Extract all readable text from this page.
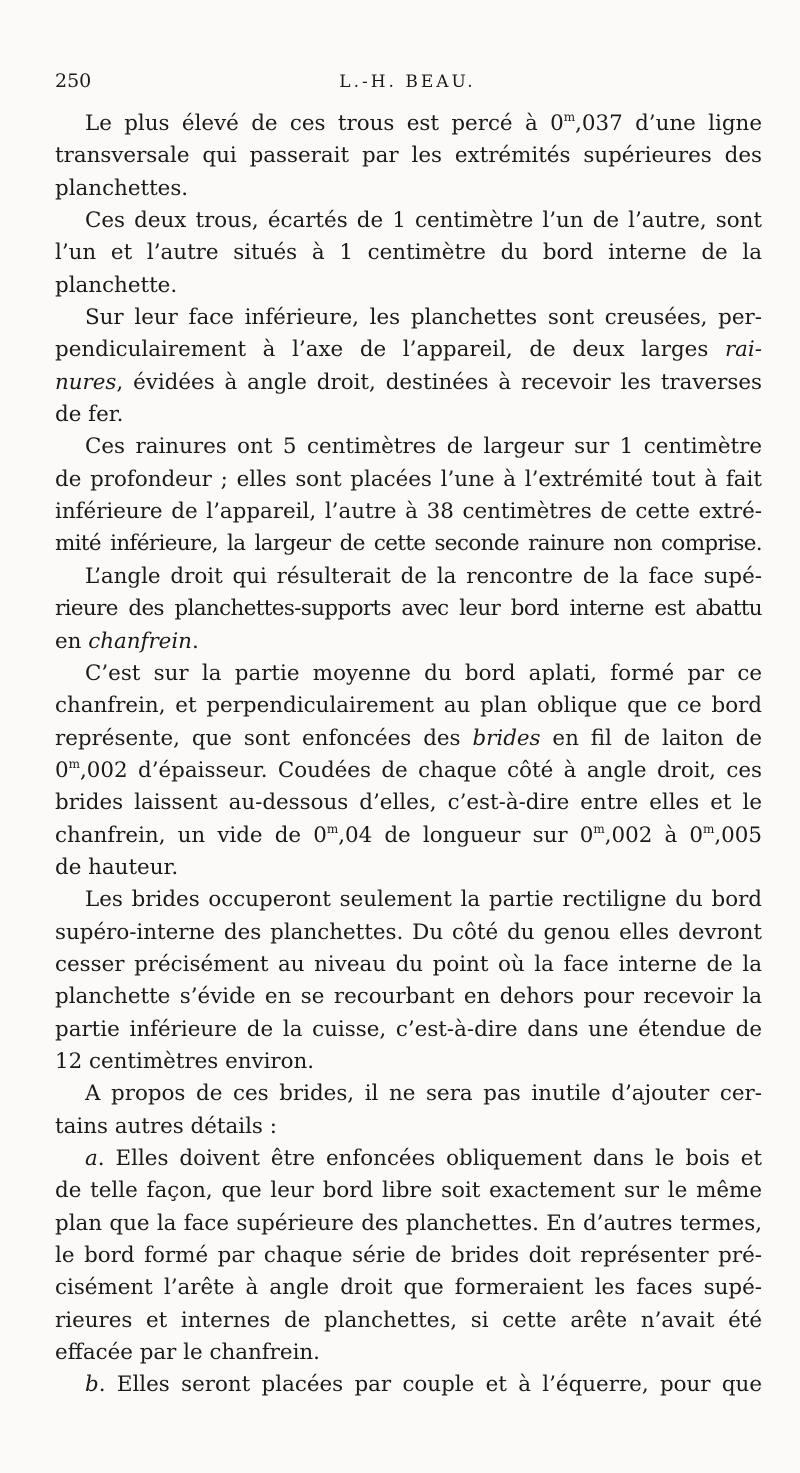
250	L.-H. BEAU.
Le plus élevé de ces trous est percé à 0$^m$,037 d’une ligne
transversale qui passerait par les extrémités supérieures des
planchettes.
Ces deux trous, écartés de 1 centimètre l’un de l’autre, sont
l’un et l’autre situés à 1 centimètre du bord interne de la
planchette.
Sur leur face inférieure, les planchettes sont creusées, per-
pendiculairement à l’axe de l’appareil, de deux larges rai-
nures, évidées à angle droit, destinées à recevoir les traverses
de fer.
Ces rainures ont 5 centimètres de largeur sur 1 centimètre
de profondeur ; elles sont placées l’une à l’extrémité tout à fait
inférieure de l’appareil, l’autre à 38 centimètres de cette extré-
mité inférieure, la largeur de cette seconde rainure non comprise.
L’angle droit qui résulterait de la rencontre de la face supé-
rieure des planchettes-supports avec leur bord interne est abattu
en chanfrein.
C’est sur la partie moyenne du bord aplati, formé par ce
chanfrein, et perpendiculairement au plan oblique que ce bord
représente, que sont enfoncées des brides en fil de laiton de
0$^m$,002 d’épaisseur. Coudées de chaque côté à angle droit, ces
brides laissent au-dessous d’elles, c’est-à-dire entre elles et le
chanfrein, un vide de 0$^m$,04 de longueur sur 0$^m$,002 à 0$^m$,005
de hauteur.
Les brides occuperont seulement la partie rectiligne du bord
supéro-interne des planchettes. Du côté du genou elles devront
cesser précisément au niveau du point où la face interne de la
planchette s’évide en se recourbant en dehors pour recevoir la
partie inférieure de la cuisse, c’est-à-dire dans une étendue de
12 centimètres environ.
A propos de ces brides, il ne sera pas inutile d’ajouter cer-
tains autres détails :
a. Elles doivent être enfoncées obliquement dans le bois et
de telle façon, que leur bord libre soit exactement sur le même
plan que la face supérieure des planchettes. En d’autres termes,
le bord formé par chaque série de brides doit représenter pré-
cisément l’arête à angle droit que formeraient les faces supé-
rieures et internes de planchettes, si cette arête n’avait été
effacée par le chanfrein.
b. Elles seront placées par couple et à l’équerre, pour que
